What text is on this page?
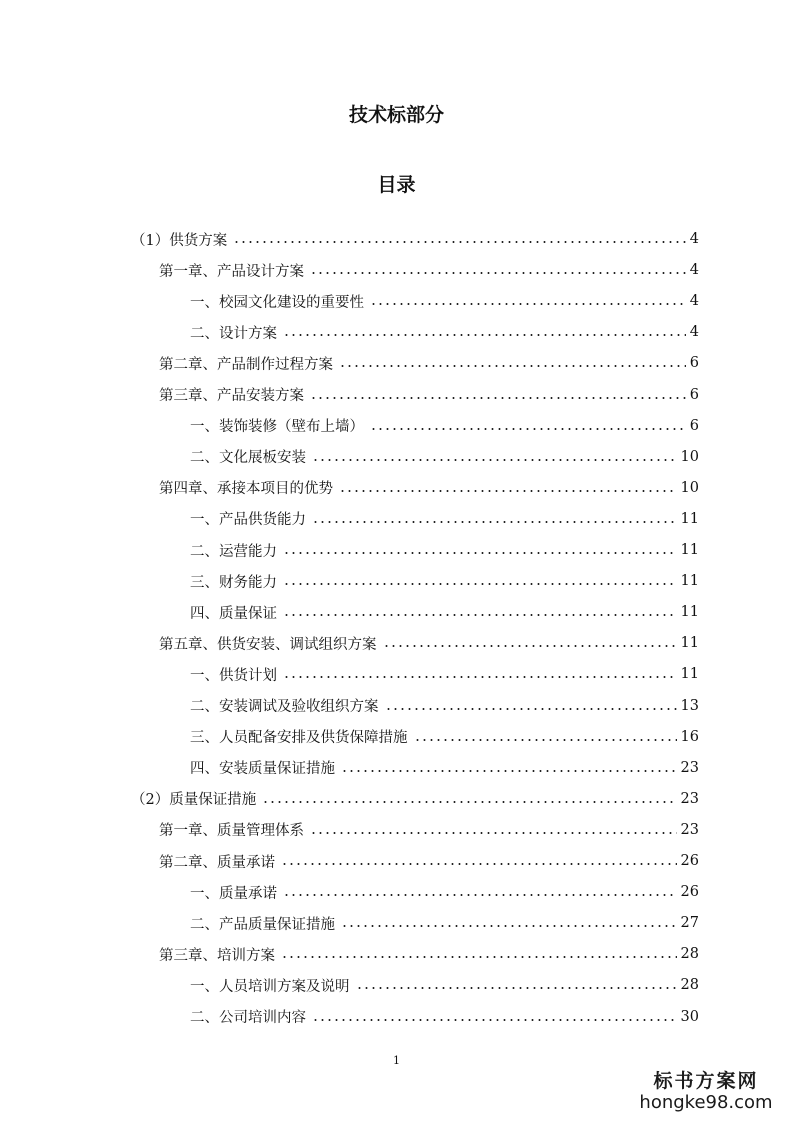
技术标部分
目录
（1）供货方案	4
第一章、产品设计方案	4
一、校园文化建设的重要性	4
二、设计方案	4
第二章、产品制作过程方案	6
第三章、产品安装方案	6
一、装饰装修（壁布上墙）	6
二、文化展板安装	10
第四章、承接本项目的优势	10
一、产品供货能力	11
二、运营能力	11
三、财务能力	11
四、质量保证	11
第五章、供货安装、调试组织方案	11
一、供货计划	11
二、安装调试及验收组织方案	13
三、人员配备安排及供货保障措施	16
四、安装质量保证措施	23
（2）质量保证措施	23
第一章、质量管理体系	23
第二章、质量承诺	26
一、质量承诺	26
二、产品质量保证措施	27
第三章、培训方案	28
一、人员培训方案及说明	28
二、公司培训内容	30
1
标书方案网
hongke98.com
